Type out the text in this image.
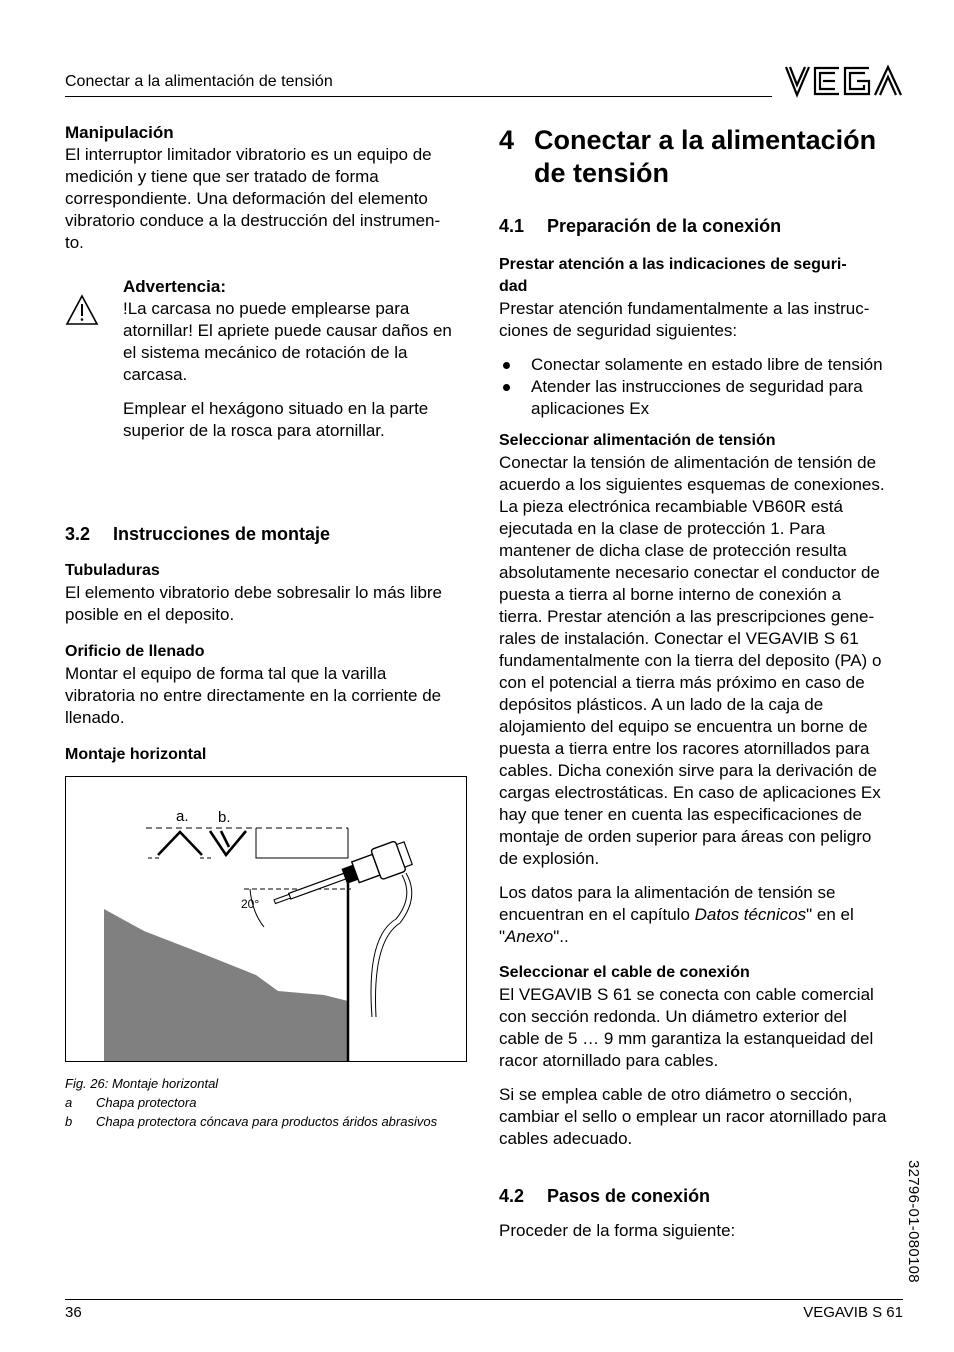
Conectar a la alimentación de tensión
Manipulación
El interruptor limitador vibratorio es un equipo de
medición y tiene que ser tratado de forma
correspondiente. Una deformación del elemento
vibratorio conduce a la destrucción del instrumen-
to.
Advertencia:
!La carcasa no puede emplearse para
atornillar! El apriete puede causar daños en
el sistema mecánico de rotación de la
carcasa.
Emplear el hexágono situado en la parte
superior de la rosca para atornillar.
3.2	Instrucciones de montaje
Tubuladuras
El elemento vibratorio debe sobresalir lo más libre
posible en el deposito.
Orificio de llenado
Montar el equipo de forma tal que la varilla
vibratoria no entre directamente en la corriente de
llenado.
Montaje horizontal
a. b.
20°
Fig. 26: Montaje horizontal
a	Chapa protectora
b	Chapa protectora cóncava para productos áridos abrasivos
4 Conectar a la alimentación
de tensión
4.1	Preparación de la conexión
Prestar atención a las indicaciones de seguri-
dad
Prestar atención fundamentalmente a las instruc-
ciones de seguridad siguientes:
Conectar solamente en estado libre de tensión
Atender las instrucciones de seguridad para
aplicaciones Ex
Seleccionar alimentación de tensión
Conectar la tensión de alimentación de tensión de
acuerdo a los siguientes esquemas de conexiones.
La pieza electrónica recambiable VB60R está
ejecutada en la clase de protección 1. Para
mantener de dicha clase de protección resulta
absolutamente necesario conectar el conductor de
puesta a tierra al borne interno de conexión a
tierra. Prestar atención a las prescripciones gene-
rales de instalación. Conectar el VEGAVIB S 61
fundamentalmente con la tierra del deposito (PA) o
con el potencial a tierra más próximo en caso de
depósitos plásticos. A un lado de la caja de
alojamiento del equipo se encuentra un borne de
puesta a tierra entre los racores atornillados para
cables. Dicha conexión sirve para la derivación de
cargas electrostáticas. En caso de aplicaciones Ex
hay que tener en cuenta las especificaciones de
montaje de orden superior para áreas con peligro
de explosión.
Los datos para la alimentación de tensión se
encuentran en el capítulo Datos técnicos" en el
"Anexo"..
Seleccionar el cable de conexión
El VEGAVIB S 61 se conecta con cable comercial
con sección redonda. Un diámetro exterior del
cable de 5 … 9 mm garantiza la estanqueidad del
racor atornillado para cables.
Si se emplea cable de otro diámetro o sección,
cambiar el sello o emplear un racor atornillado para
cables adecuado.
4.2	Pasos de conexión
Proceder de la forma siguiente:	32796-01-080108
36	VEGAVIB S 61
